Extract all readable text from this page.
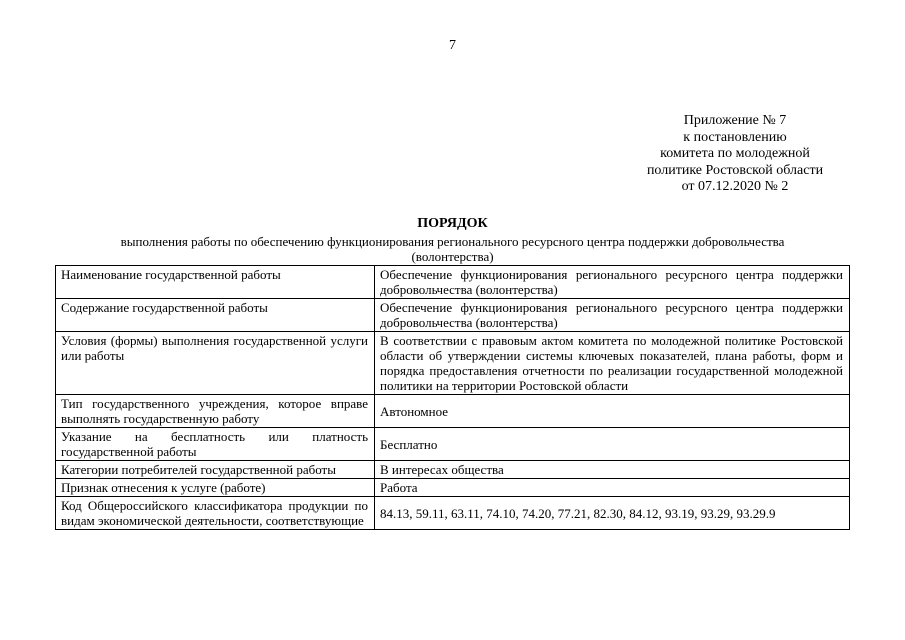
7
Приложение № 7
к постановлению
комитета по молодежной
политике Ростовской области
от 07.12.2020 № 2
ПОРЯДОК
выполнения работы по обеспечению функционирования регионального ресурсного центра поддержки добровольчества (волонтерства)
Наименование государственной работы	Обеспечение функционирования регионального ресурсного центра поддержки добровольчества (волонтерства)
Содержание государственной работы	Обеспечение функционирования регионального ресурсного центра поддержки добровольчества (волонтерства)
Условия (формы) выполнения государственной услуги или работы	В соответствии с правовым актом комитета по молодежной политике Ростовской области об утверждении системы ключевых показателей, плана работы, форм и порядка предоставления отчетности по реализации государственной молодежной политики на территории Ростовской области
Тип государственного учреждения, которое вправе выполнять государственную работу	Автономное
Указание на бесплатность или платность государственной работы	Бесплатно
Категории потребителей государственной работы	В интересах общества
Признак отнесения к услуге (работе)	Работа
Код Общероссийского классификатора продукции по видам экономической деятельности, соответствующие	84.13, 59.11, 63.11, 74.10, 74.20, 77.21, 82.30, 84.12, 93.19, 93.29, 93.29.9
